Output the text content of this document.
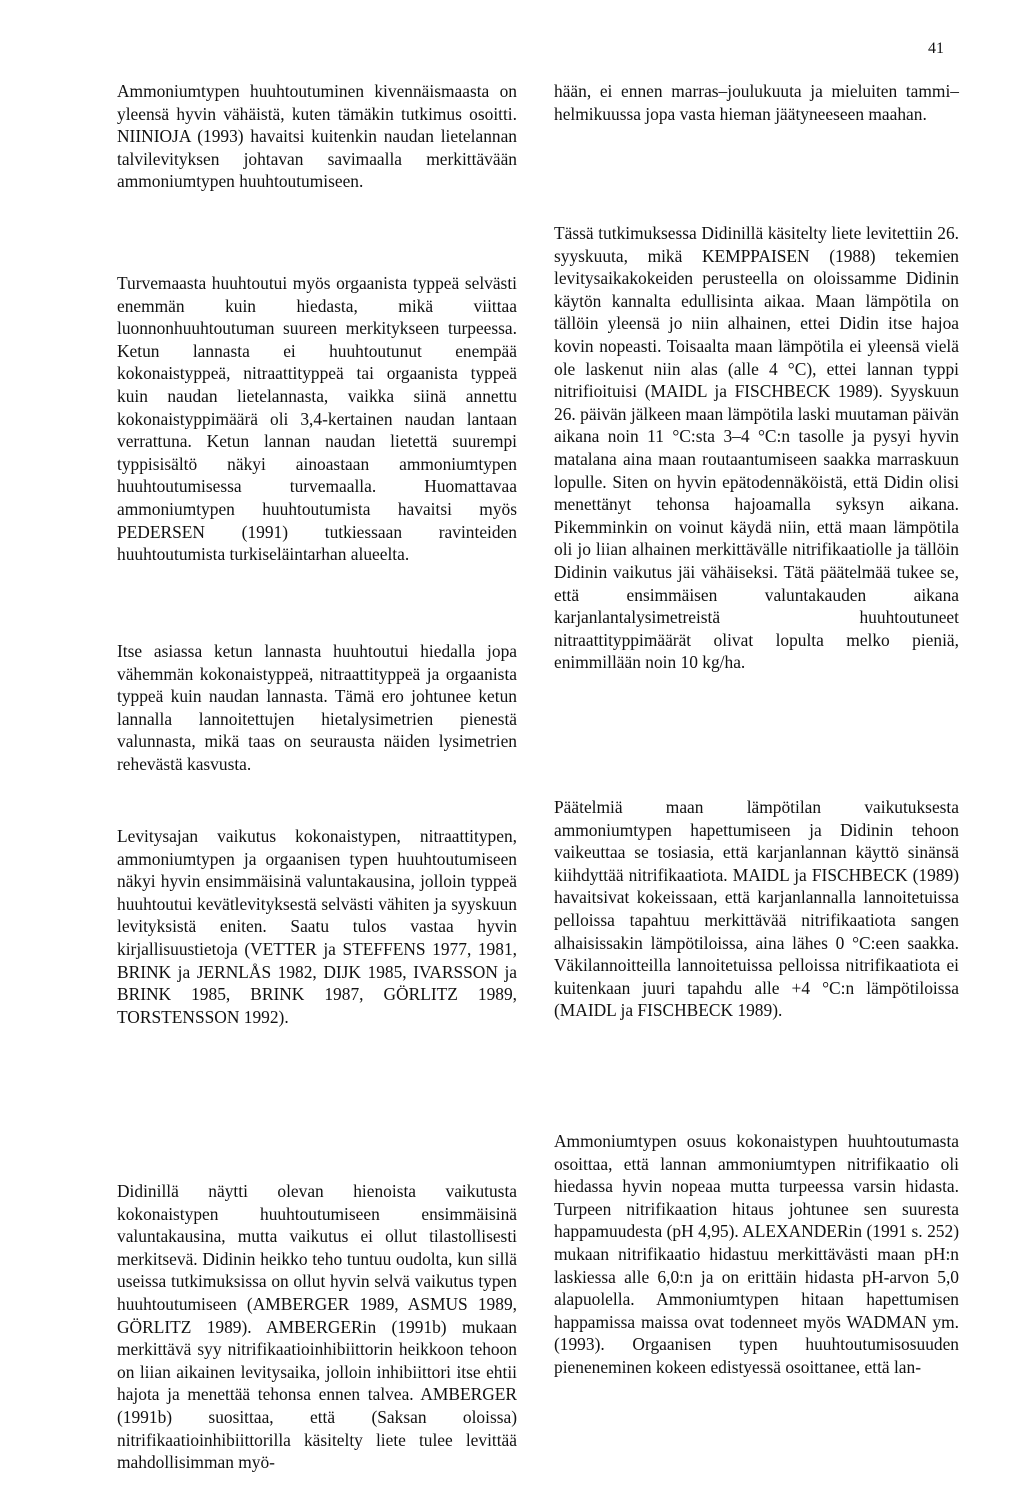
41

Ammoniumtypen huuhtoutuminen kivennäismaasta on yleensä hyvin vähäistä, kuten tämäkin tutkimus osoitti. NIINIOJA (1993) havaitsi kuitenkin naudan lietelannan talvilevityksen johtavan savimaalla merkittävään ammoniumtypen huuhtoutumiseen.

Turvemaasta huuhtoutui myös orgaanista typpeä selvästi enemmän kuin hiedasta, mikä viittaa luonnonhuuhtoutuman suureen merkitykseen turpeessa. Ketun lannasta ei huuhtoutunut enempää kokonaistyppeä, nitraattityppeä tai orgaanista typpeä kuin naudan lietelannasta, vaikka siinä annettu kokonaistyppimäärä oli 3,4-kertainen naudan lantaan verrattuna. Ketun lannan naudan lietettä suurempi typpisisältö näkyi ainoastaan ammoniumtypen huuhtoutumisessa turvemaalla. Huomattavaa ammoniumtypen huuhtoutumista havaitsi myös PEDERSEN (1991) tutkiessaan ravinteiden huuhtoutumista turkiseläintarhan alueelta.

Itse asiassa ketun lannasta huuhtoutui hiedalla jopa vähemmän kokonaistyppeä, nitraattityppeä ja orgaanista typpeä kuin naudan lannasta. Tämä ero johtunee ketun lannalla lannoitettujen hietalysimetrien pienestä valunnasta, mikä taas on seurausta näiden lysimetrien rehevästä kasvusta.

Levitysajan vaikutus kokonaistypen, nitraattitypen, ammoniumtypen ja orgaanisen typen huuhtoutumiseen näkyi hyvin ensimmäisinä valuntakausina, jolloin typpeä huuhtoutui kevätlevityksestä selvästi vähiten ja syyskuun levityksistä eniten. Saatu tulos vastaa hyvin kirjallisuustietoja (VETTER ja STEFFENS 1977, 1981, BRINK ja JERNLÅS 1982, DIJK 1985, IVARSSON ja BRINK 1985, BRINK 1987, GÖRLITZ 1989, TORSTENSSON 1992).

Didinillä näytti olevan hienoista vaikutusta kokonaistypen huuhtoutumiseen ensimmäisinä valuntakausina, mutta vaikutus ei ollut tilastollisesti merkitsevä. Didinin heikko teho tuntuu oudolta, kun sillä useissa tutkimuksissa on ollut hyvin selvä vaikutus typen huuhtoutumiseen (AMBERGER 1989, ASMUS 1989, GÖRLITZ 1989). AMBERGERin (1991b) mukaan merkittävä syy nitrifikaatioinhibiittorin heikkoon tehoon on liian aikainen levitysaika, jolloin inhibiittori itse ehtii hajota ja menettää tehonsa ennen talvea. AMBERGER (1991b) suosittaa, että (Saksan oloissa) nitrifikaatioinhibiittorilla käsitelty liete tulee levittää mahdollisimman myö-

hään, ei ennen marras–joulukuuta ja mieluiten tammi–helmikuussa jopa vasta hieman jäätyneeseen maahan.

Tässä tutkimuksessa Didinillä käsitelty liete levitettiin 26. syyskuuta, mikä KEMPPAISEN (1988) tekemien levitysaikakokeiden perusteella on oloissamme Didinin käytön kannalta edullisinta aikaa. Maan lämpötila on tällöin yleensä jo niin alhainen, ettei Didin itse hajoa kovin nopeasti. Toisaalta maan lämpötila ei yleensä vielä ole laskenut niin alas (alle 4 °C), ettei lannan typpi nitrifioituisi (MAIDL ja FISCHBECK 1989). Syyskuun 26. päivän jälkeen maan lämpötila laski muutaman päivän aikana noin 11 °C:sta 3–4 °C:n tasolle ja pysyi hyvin matalana aina maan routaantumiseen saakka marraskuun lopulle. Siten on hyvin epätodennäköistä, että Didin olisi menettänyt tehonsa hajoamalla syksyn aikana. Pikemminkin on voinut käydä niin, että maan lämpötila oli jo liian alhainen merkittävälle nitrifikaatiolle ja tällöin Didinin vaikutus jäi vähäiseksi. Tätä päätelmää tukee se, että ensimmäisen valuntakauden aikana karjanlantalysimetreistä huuhtoutuneet nitraattityppimäärät olivat lopulta melko pieniä, enimmillään noin 10 kg/ha.

Päätelmiä maan lämpötilan vaikutuksesta ammoniumtypen hapettumiseen ja Didinin tehoon vaikeuttaa se tosiasia, että karjanlannan käyttö sinänsä kiihdyttää nitrifikaatiota. MAIDL ja FISCHBECK (1989) havaitsivat kokeissaan, että karjanlannalla lannoitetuissa pelloissa tapahtuu merkittävää nitrifikaatiota sangen alhaisissakin lämpötiloissa, aina lähes 0 °C:een saakka. Väkilannoitteilla lannoitetuissa pelloissa nitrifikaatiota ei kuitenkaan juuri tapahdu alle +4 °C:n lämpötiloissa (MAIDL ja FISCHBECK 1989).

Ammoniumtypen osuus kokonaistypen huuhtoutumasta osoittaa, että lannan ammoniumtypen nitrifikaatio oli hiedassa hyvin nopeaa mutta turpeessa varsin hidasta. Turpeen nitrifikaation hitaus johtunee sen suuresta happamuudesta (pH 4,95). ALEXANDERin (1991 s. 252) mukaan nitrifikaatio hidastuu merkittävästi maan pH:n laskiessa alle 6,0:n ja on erittäin hidasta pH-arvon 5,0 alapuolella. Ammoniumtypen hitaan hapettumisen happamissa maissa ovat todenneet myös WADMAN ym. (1993). Orgaanisen typen huuhtoutumisosuuden pieneneminen kokeen edistyessä osoittanee, että lan-
